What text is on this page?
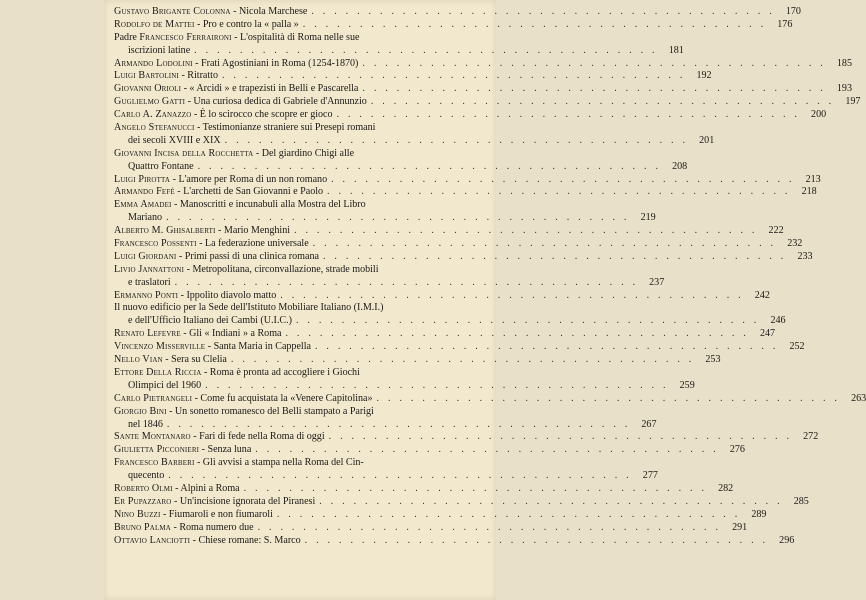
Gustavo Brigante Colonna - Nicola Marchese . . . . . . . . . . . . . . . . . . . . . . . . . . . . . . . . . . . . . . . . .	170
Rodolfo de Mattei - Pro e contro la « palla » . . . . . . . . . . . . . . . . . . . . . . . . . . . . . . . . . . . . . . . . .	176
Padre Francesco Ferraironi - L'ospitalità di Roma nelle sue
iscrizioni latine . . . . . . . . . . . . . . . . . . . . . . . . . . . . . . . . . . . . . . . . .	181
Armando Lodolini - Frati Agostiniani in Roma (1254-1870) . . . . . . . . . . . . . . . . . . . . . . . . . . . . . . . . . . . . . . . . .	185
Luigi Bartolini - Ritratto . . . . . . . . . . . . . . . . . . . . . . . . . . . . . . . . . . . . . . . . .	192
Giovanni Orioli - « Arcidi » e trapezisti in Belli e Pascarella . . . . . . . . . . . . . . . . . . . . . . . . . . . . . . . . . . . . . . . . .	193
Guglielmo Gatti - Una curiosa dedica di Gabriele d'Annunzio . . . . . . . . . . . . . . . . . . . . . . . . . . . . . . . . . . . . . . . . .	197
Carlo A. Zanazzo - È lo scirocco che scopre er gioco . . . . . . . . . . . . . . . . . . . . . . . . . . . . . . . . . . . . . . . . .	200
Angelo Stefanucci - Testimonianze straniere sui Presepi romani
dei secoli XVIII e XIX . . . . . . . . . . . . . . . . . . . . . . . . . . . . . . . . . . . . . . . . .	201
Giovanni Incisa della Rocchetta - Del giardino Chigi alle
Quattro Fontane . . . . . . . . . . . . . . . . . . . . . . . . . . . . . . . . . . . . . . . . .	208
Luigi Pirotta - L'amore per Roma di un non romano . . . . . . . . . . . . . . . . . . . . . . . . . . . . . . . . . . . . . . . . .	213
Armando Fefè - L'archetti de San Giovanni e Paolo . . . . . . . . . . . . . . . . . . . . . . . . . . . . . . . . . . . . . . . . .	218
Emma Amadei - Manoscritti e incunabuli alla Mostra del Libro
Mariano . . . . . . . . . . . . . . . . . . . . . . . . . . . . . . . . . . . . . . . . .	219
Alberto M. Ghisalberti - Mario Menghini . . . . . . . . . . . . . . . . . . . . . . . . . . . . . . . . . . . . . . . . .	222
Francesco Possenti - La federazione universale . . . . . . . . . . . . . . . . . . . . . . . . . . . . . . . . . . . . . . . . .	232
Luigi Giordani - Primi passi di una clinica romana . . . . . . . . . . . . . . . . . . . . . . . . . . . . . . . . . . . . . . . . .	233
Livio Jannattoni - Metropolitana, circonvallazione, strade mobili
e traslatori . . . . . . . . . . . . . . . . . . . . . . . . . . . . . . . . . . . . . . . . .	237
Ermanno Ponti - Ippolito diavolo matto . . . . . . . . . . . . . . . . . . . . . . . . . . . . . . . . . . . . . . . . .	242
Il nuovo edificio per la Sede dell'Istituto Mobiliare Italiano (I.M.I.)
e dell'Ufficio Italiano dei Cambi (U.I.C.) . . . . . . . . . . . . . . . . . . . . . . . . . . . . . . . . . . . . . . . . .	246
Renato Lefevre - Gli « Indiani » a Roma . . . . . . . . . . . . . . . . . . . . . . . . . . . . . . . . . . . . . . . . .	247
Vincenzo Misserville - Santa Maria in Cappella . . . . . . . . . . . . . . . . . . . . . . . . . . . . . . . . . . . . . . . . .	252
Nello Vian - Sera su Clelia . . . . . . . . . . . . . . . . . . . . . . . . . . . . . . . . . . . . . . . . .	253
Ettore Della Riccia - Roma è pronta ad accogliere i Giochi
Olimpici del 1960 . . . . . . . . . . . . . . . . . . . . . . . . . . . . . . . . . . . . . . . . .	259
Carlo Pietrangeli - Come fu acquistata la «Venere Capitolina» . . . . . . . . . . . . . . . . . . . . . . . . . . . . . . . . . . . . . . . . .	263
Giorgio Bini - Un sonetto romanesco del Belli stampato a Parigi
nel 1846 . . . . . . . . . . . . . . . . . . . . . . . . . . . . . . . . . . . . . . . . .	267
Sante Montanaro - Fari di fede nella Roma di oggi . . . . . . . . . . . . . . . . . . . . . . . . . . . . . . . . . . . . . . . . .	272
Giulietta Picconieri - Senza luna . . . . . . . . . . . . . . . . . . . . . . . . . . . . . . . . . . . . . . . . .	276
Francesco Barberi - Gli avvisi a stampa nella Roma del Cin-
quecento . . . . . . . . . . . . . . . . . . . . . . . . . . . . . . . . . . . . . . . . .	277
Roberto Olmi - Alpini a Roma . . . . . . . . . . . . . . . . . . . . . . . . . . . . . . . . . . . . . . . . .	282
Er Pupazzaro - Un'incisione ignorata del Piranesi . . . . . . . . . . . . . . . . . . . . . . . . . . . . . . . . . . . . . . . . .	285
Nino Buzzi - Fiumaroli e non fiumaroli . . . . . . . . . . . . . . . . . . . . . . . . . . . . . . . . . . . . . . . . .	289
Bruno Palma - Roma numero due . . . . . . . . . . . . . . . . . . . . . . . . . . . . . . . . . . . . . . . . .	291
Ottavio Lanciotti - Chiese romane: S. Marco . . . . . . . . . . . . . . . . . . . . . . . . . . . . . . . . . . . . . . . . .	296
